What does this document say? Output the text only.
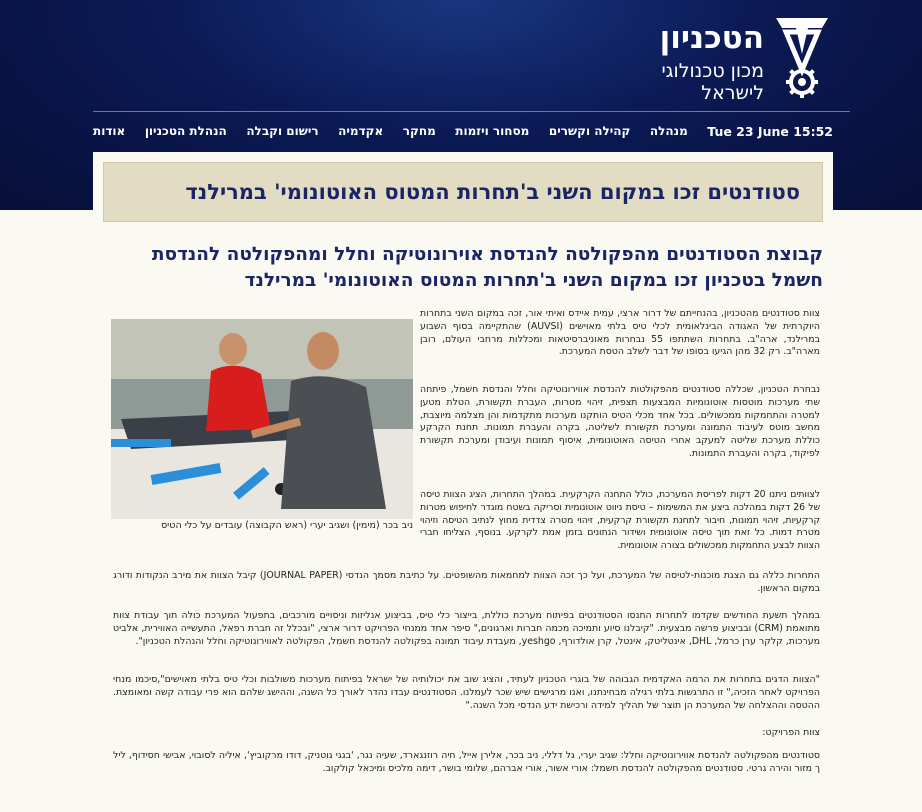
הטכניון
מכון טכנולוגי
לישראל
אודות הנהלת הטכניון רישום וקבלה אקדמיה מחקר מסחור ויזמות קהילה וקשרים מנהלה Tue 23 June 15:52
סטודנטים זכו במקום השני ב'תחרות המטוס האוטונומי' במרילנד
קבוצת הסטודנטים מהפקולטה להנדסת אוירונוטיקה וחלל ומהפקולטה להנדסת חשמל בטכניון זכו במקום השני ב'תחרות המטוס האוטונומי' במרילנד
ניב בכר (מימין) ושגיב יערי (ראש הקבוצה) עובדים על כלי הטיס
צוות סטודנטים מהטכניון, בהנחייתם של דרור ארצי, עמית איידס ואיתי אור, זכה במקום השני בתחרות היוקרתית של האגודה הבינלאומית לכלי טיס בלתי מאוישים (AUVSI) שהתקיימה בסוף השבוע במרילנד, ארה"ב. בתחרות השתתפו 55 נבחרות מאוניברסיטאות ומכללות מרחבי העולם, רובן מארה"ב. רק 32 מהן הגיעו בסופו של דבר לשלב הטסת המערכת.
נבחרת הטכניון, שכללה סטודנטים מהפקולטות להנדסת אווירונוטיקה וחלל והנדסת חשמל, פיתחה שתי מערכות מוטסות אוטונומיות המבצעות תצפית, זיהוי מטרות, העברת תקשורת, הטלת מטען למטרה והתחמקות ממכשולים. בכל אחד מכלי הטיס הותקנו מערכות מתקדמות והן מצלמה מיוצבת, מחשב מוטס לעיבוד התמונה ומערכת תקשורת לשליטה, בקרה והעברת תמונות. תחנת הקרקע כוללת מערכת שליטה למעקב אחרי הטיסה האוטונומית, איסוף תמונות ועיבודן ומערכת תקשורת לפיקוד, בקרה והעברת התמונות.
לצוותים ניתנו 20 דקות לפריסת המערכת, כולל התחנה הקרקעית. במהלך התחרות, הציג הצוות טיסה של 26 דקות במהלכה ביצע את המשימות – טיסת ניווט אוטונומית וסריקה בשטח מוגדר לחיפוש מטרות קרקעיות, זיהוי תמונות, חיבור לתחנת תקשורת קרקעית, זיהוי מטרה צדדית מחוץ לנתיב הטיסה וזיהוי מטרת דמות. כל זאת תוך טיסה אוטונומית ושידור הנתונים בזמן אמת לקרקע. בנוסף, הצליחו חברי הצוות לבצע התחמקות ממכשולים בצורה אוטונומית.
התחרות כללה גם הצגת מוכנות-לטיסה של המערכת, ועל כך זכה הצוות למחמאות מהשופטים. על כתיבת מסמך הנדסי (JOURNAL PAPER) קיבל הצוות את מירב הנקודות ודורג במקום הראשון.
במהלך תשעת החודשים שקדמו לתחרות התנסו הסטודנטים בפיתוח מערכת כוללת, בייצור כלי טיס, בביצוע אנליזות וניסויים מורכבים, בתפעול המערכת כולה תוך עבודת צוות מתואמת (CRM) ובביצוע פרשה מבצעית. "קיבלנו סיוע ותמיכה מכמה חברות וארגונים," סיפר אחד ממנחי הפרויקט דרור ארצי, "ובכלל זה חברת רפאל, התעשייה האווירית, אלביט מערכות, קלקר ערן כרמל, DHL, אינטליטק, אינטל, קרן אולדורף, yeshgo, מעבדת עיבוד תמונה בפקולטה להנדסת חשמל, הפקולטה לאווירונוטיקה וחלל והנהלת הטכניון".
"הצוות הדגים בתחרות את הרמה האקדמית הגבוהה של בוגרי הטכניון לעתיד, והציג שוב את יכולותיה של ישראל בפיתוח מערכות משולבות וכלי טיס בלתי מאוישים",סיכמו מנחי הפרויקט לאחר הזכיה," זו התרגשות בלתי רגילה מבחינתנו, ואנו מרגישים שיש שכר לעמלנו. הסטודנטים עבדו נהדר לאורך כל השנה, וההישג שלהם הוא פרי עבודה קשה ומאומצת. ההטסה וההצלחה של המערכת הן תוצר של תהליך למידה ורכישת ידע הנדסי מכל השנה."
צוות הפרויקט:
סטודנטים מהפקולטה להנדסת אווירונוטיקה וחלל: שגיב יערי, גל דללי, ניב בכר, אלירן אייל, חיה רוזנגארד, שעיה נגר, 'בגגי גוטניק, דודו מרקוביץ', איליה לסובוי, אבישי חסידוף, ליל ך מזור והירה גרטי. סטודנטים מהפקולטה להנדסת חשמל: אורי אשור, אורי אברהם, שלומי בושר, דימה מלכיס ומיכאל קולקוב.
